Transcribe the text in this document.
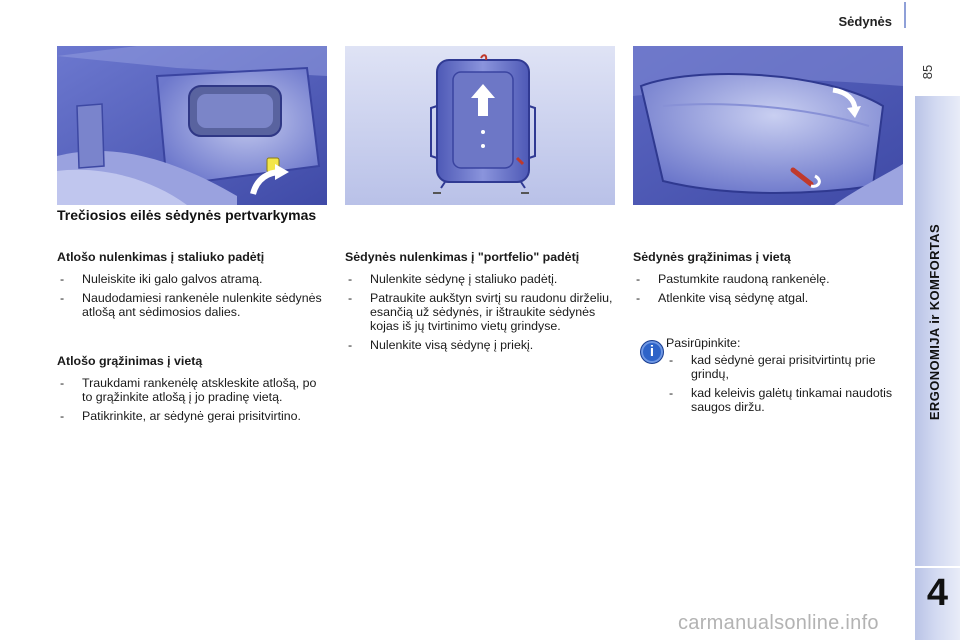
Sėdynės
85
ERGONOMIJA ir KOMFORTAS
4
Trečiosios eilės sėdynės pertvarkymas
Atlošo nulenkimas į staliuko padėtį
- Nuleiskite iki galo galvos atramą.
- Naudodamiesi rankenėle nulenkite sėdynės atlošą ant sėdimosios dalies.
Atlošo grąžinimas į vietą
- Traukdami rankenėlę atskleskite atlošą, po to grąžinkite atlošą į jo pradinę vietą.
- Patikrinkite, ar sėdynė gerai prisitvirtino.
Sėdynės nulenkimas į "portfelio" padėtį
- Nulenkite sėdynę į staliuko padėtį.
- Patraukite aukštyn svirtį su raudonu dirželiu, esančią už sėdynės, ir ištraukite sėdynės kojas iš jų tvirtinimo vietų grindyse.
- Nulenkite visą sėdynę į priekį.
Sėdynės grąžinimas į vietą
- Pastumkite raudoną rankenėlę.
- Atlenkite visą sėdynę atgal.
i Pasirūpinkite:
- kad sėdynė gerai prisitvirtintų prie grindų,
- kad keleivis galėtų tinkamai naudotis saugos diržu.
carmanualsonline.info
